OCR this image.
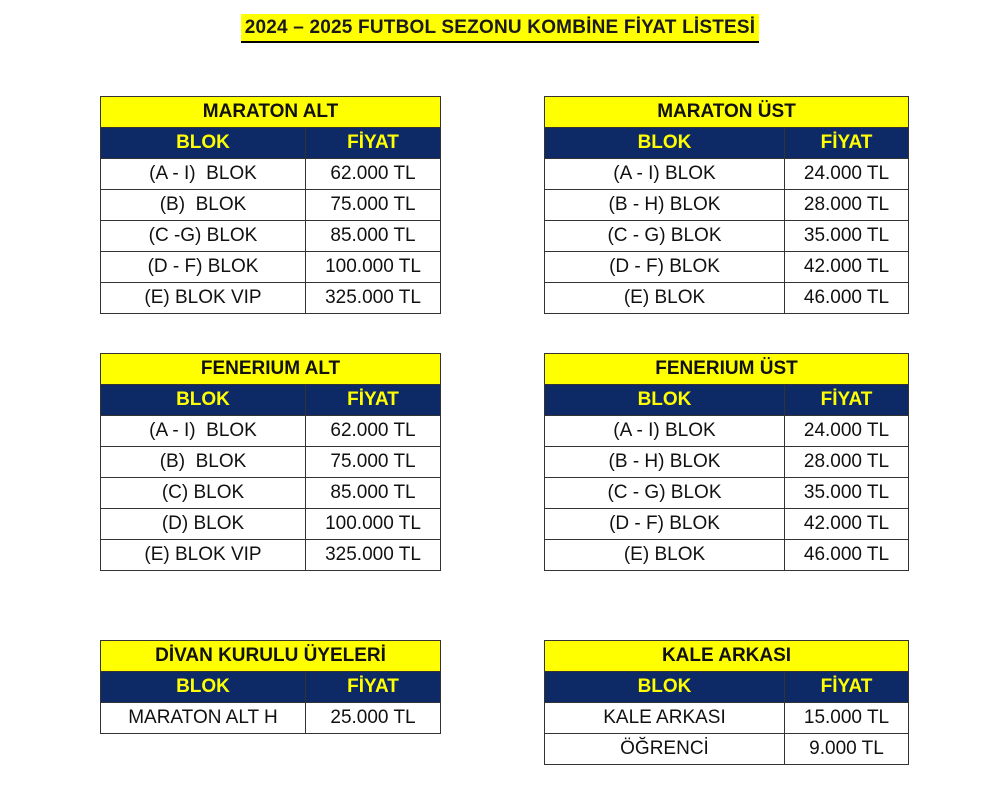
2024 – 2025 FUTBOL SEZONU KOMBİNE FİYAT LİSTESİ
MARATON ALT	
BLOK	FİYAT
(A - I)  BLOK	62.000 TL
(B)  BLOK	75.000 TL
(C -G) BLOK	85.000 TL
(D - F) BLOK	100.000 TL
(E) BLOK VIP	325.000 TL
MARATON ÜST	
BLOK	FİYAT
(A - I) BLOK	24.000 TL
(B - H) BLOK	28.000 TL
(C - G) BLOK	35.000 TL
(D - F) BLOK	42.000 TL
(E) BLOK	46.000 TL
FENERIUM ALT	
BLOK	FİYAT
(A - I)  BLOK	62.000 TL
(B)  BLOK	75.000 TL
(C) BLOK	85.000 TL
(D) BLOK	100.000 TL
(E) BLOK VIP	325.000 TL
FENERIUM ÜST	
BLOK	FİYAT
(A - I) BLOK	24.000 TL
(B - H) BLOK	28.000 TL
(C - G) BLOK	35.000 TL
(D - F) BLOK	42.000 TL
(E) BLOK	46.000 TL
DİVAN KURULU ÜYELERİ	
BLOK	FİYAT
MARATON ALT H	25.000 TL
KALE ARKASI	
BLOK	FİYAT
KALE ARKASI	15.000 TL
ÖĞRENCİ	9.000 TL
